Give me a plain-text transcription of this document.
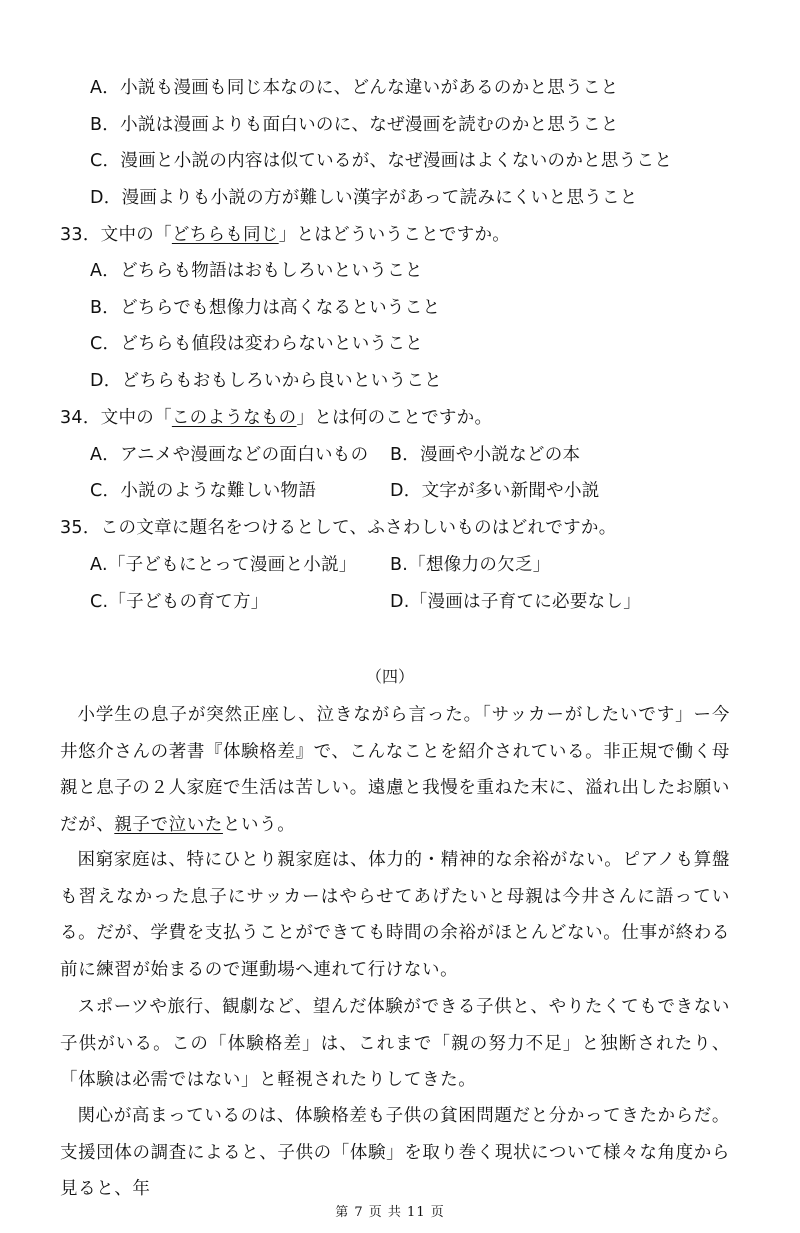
A．小説も漫画も同じ本なのに、どんな違いがあるのかと思うこと
B．小説は漫画よりも面白いのに、なぜ漫画を読むのかと思うこと
C．漫画と小説の内容は似ているが、なぜ漫画はよくないのかと思うこと
D．漫画よりも小説の方が難しい漢字があって読みにくいと思うこと
33．文中の「どちらも同じ」とはどういうことですか。
A．どちらも物語はおもしろいということ
B．どちらでも想像力は高くなるということ
C．どちらも値段は変わらないということ
D．どちらもおもしろいから良いということ
34．文中の「このようなもの」とは何のことですか。
A．アニメや漫画などの面白いもの B．漫画や小説などの本
C．小説のような難しい物語	D．文字が多い新聞や小説
35．この文章に題名をつけるとして、ふさわしいものはどれですか。
A.「子どもにとって漫画と小説」 B.「想像力の欠乏」
C.「子どもの育て方」	D.「漫画は子育てに必要なし」
（四）
小学生の息子が突然正座し、泣きながら言った。「サッカーがしたいです」ー今井悠介さんの著書『体験格差』で、こんなことを紹介されている。非正規で働く母親と息子の２人家庭で生活は苦しい。遠慮と我慢を重ねた末に、溢れ出したお願いだが、親子で泣いたという。
困窮家庭は、特にひとり親家庭は、体力的・精神的な余裕がない。ピアノも算盤も習えなかった息子にサッカーはやらせてあげたいと母親は今井さんに語っている。だが、学費を支払うことができても時間の余裕がほとんどない。仕事が終わる前に練習が始まるので運動場へ連れて行けない。
スポーツや旅行、観劇など、望んだ体験ができる子供と、やりたくてもできない子供がいる。この「体験格差」は、これまで「親の努力不足」と独断されたり、「体験は必需ではない」と軽視されたりしてきた。
関心が高まっているのは、体験格差も子供の貧困問題だと分かってきたからだ。支援団体の調査によると、子供の「体験」を取り巻く現状について様々な角度から見ると、年
第 7 页 共 11 页
